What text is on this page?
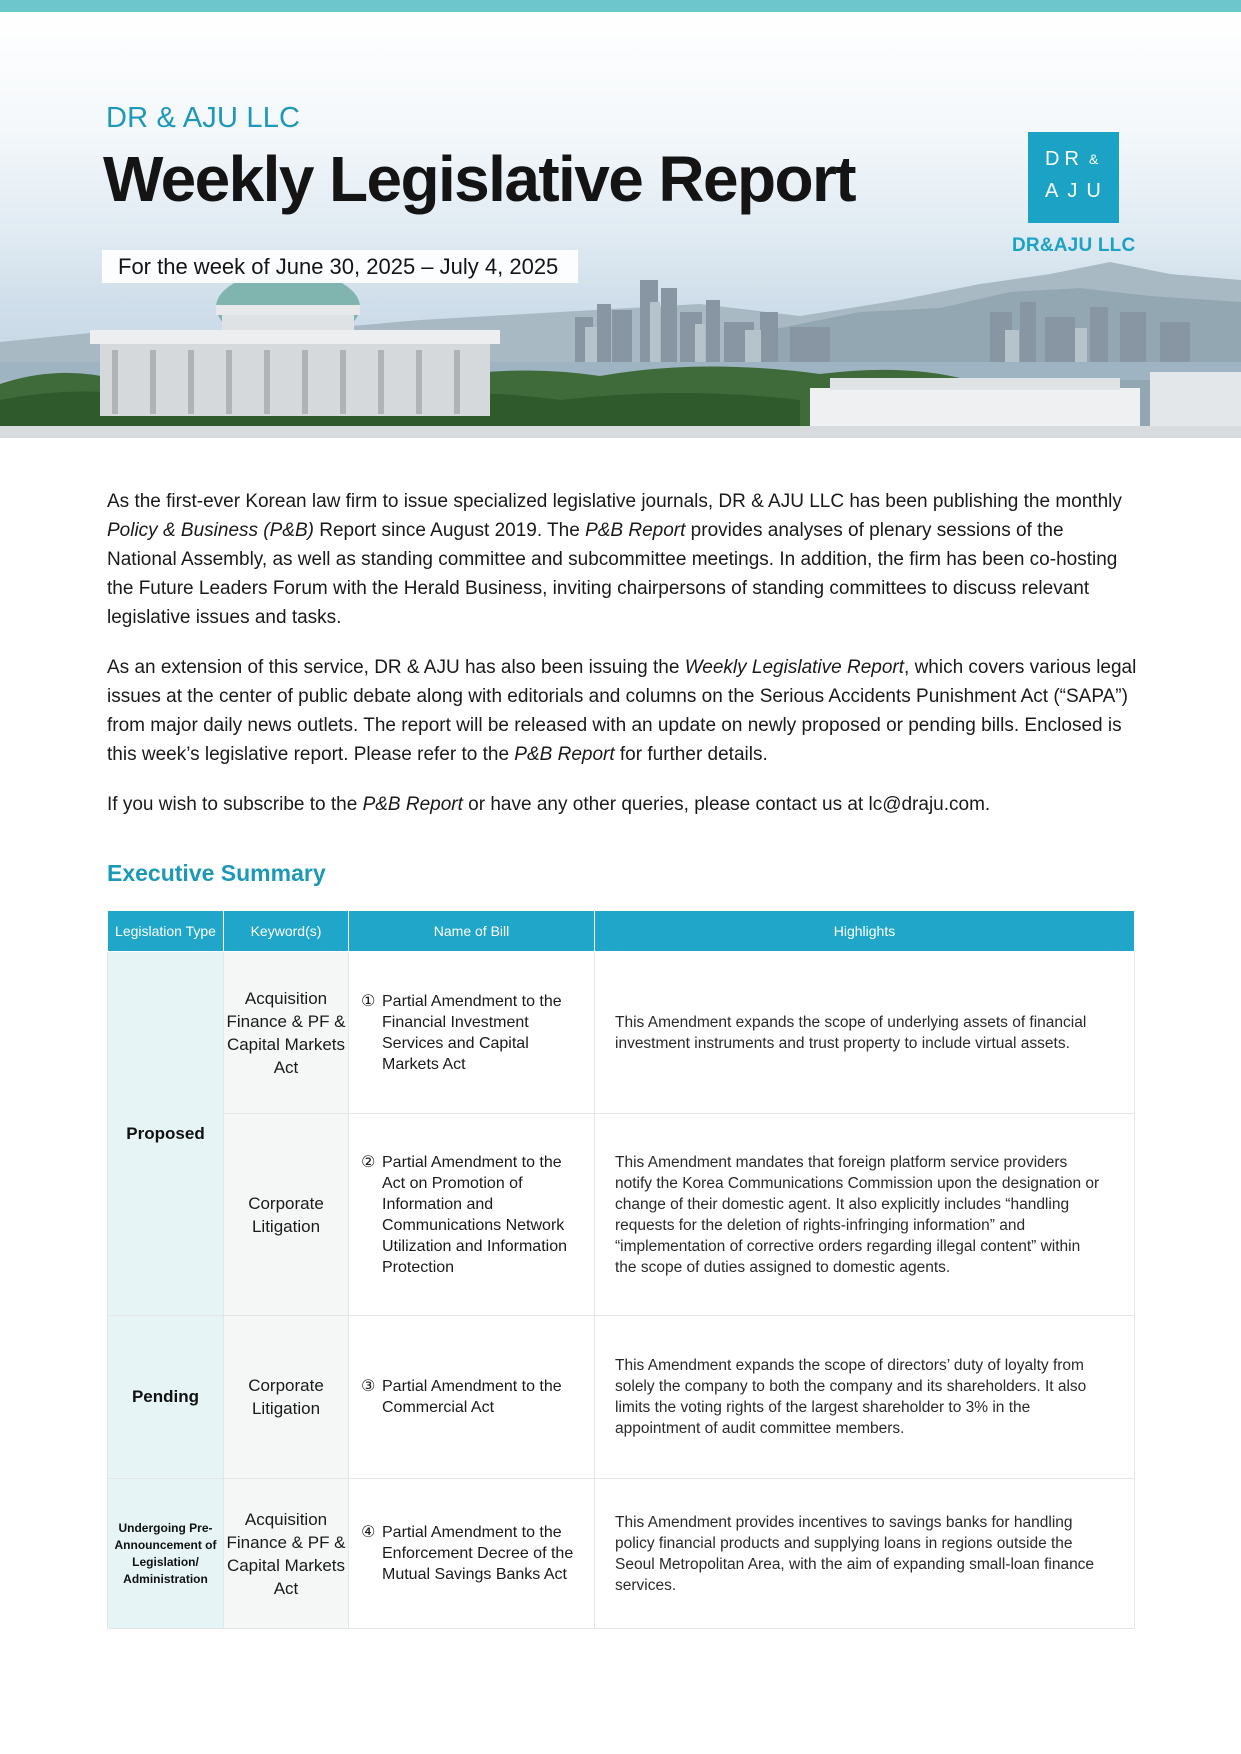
DR & AJU LLC
Weekly Legislative Report
For the week of June 30, 2025 – July 4, 2025
DR &
AJU
DR&AJU LLC

As the first-ever Korean law firm to issue specialized legislative journals, DR & AJU LLC has been publishing the monthly Policy & Business (P&B) Report since August 2019. The P&B Report provides analyses of plenary sessions of the National Assembly, as well as standing committee and subcommittee meetings. In addition, the firm has been co-hosting the Future Leaders Forum with the Herald Business, inviting chairpersons of standing committees to discuss relevant legislative issues and tasks.

As an extension of this service, DR & AJU has also been issuing the Weekly Legislative Report, which covers various legal issues at the center of public debate along with editorials and columns on the Serious Accidents Punishment Act (“SAPA”) from major daily news outlets. The report will be released with an update on newly proposed or pending bills. Enclosed is this week’s legislative report. Please refer to the P&B Report for further details.

If you wish to subscribe to the P&B Report or have any other queries, please contact us at lc@draju.com.

Executive Summary
Legislation Type	Keyword(s)	Name of Bill	Highlights
Proposed	Acquisition Finance & PF & Capital Markets Act	① Partial Amendment to the Financial Investment Services and Capital Markets Act	This Amendment expands the scope of underlying assets of financial investment instruments and trust property to include virtual assets.
	Corporate Litigation	② Partial Amendment to the Act on Promotion of Information and Communications Network Utilization and Information Protection	This Amendment mandates that foreign platform service providers notify the Korea Communications Commission upon the designation or change of their domestic agent. It also explicitly includes “handling requests for the deletion of rights-infringing information” and “implementation of corrective orders regarding illegal content” within the scope of duties assigned to domestic agents.
Pending	Corporate Litigation	③ Partial Amendment to the Commercial Act	This Amendment expands the scope of directors’ duty of loyalty from solely the company to both the company and its shareholders. It also limits the voting rights of the largest shareholder to 3% in the appointment of audit committee members.
Undergoing Pre-Announcement of Legislation/ Administration	Acquisition Finance & PF & Capital Markets Act	④ Partial Amendment to the Enforcement Decree of the Mutual Savings Banks Act	This Amendment provides incentives to savings banks for handling policy financial products and supplying loans in regions outside the Seoul Metropolitan Area, with the aim of expanding small-loan finance services.
